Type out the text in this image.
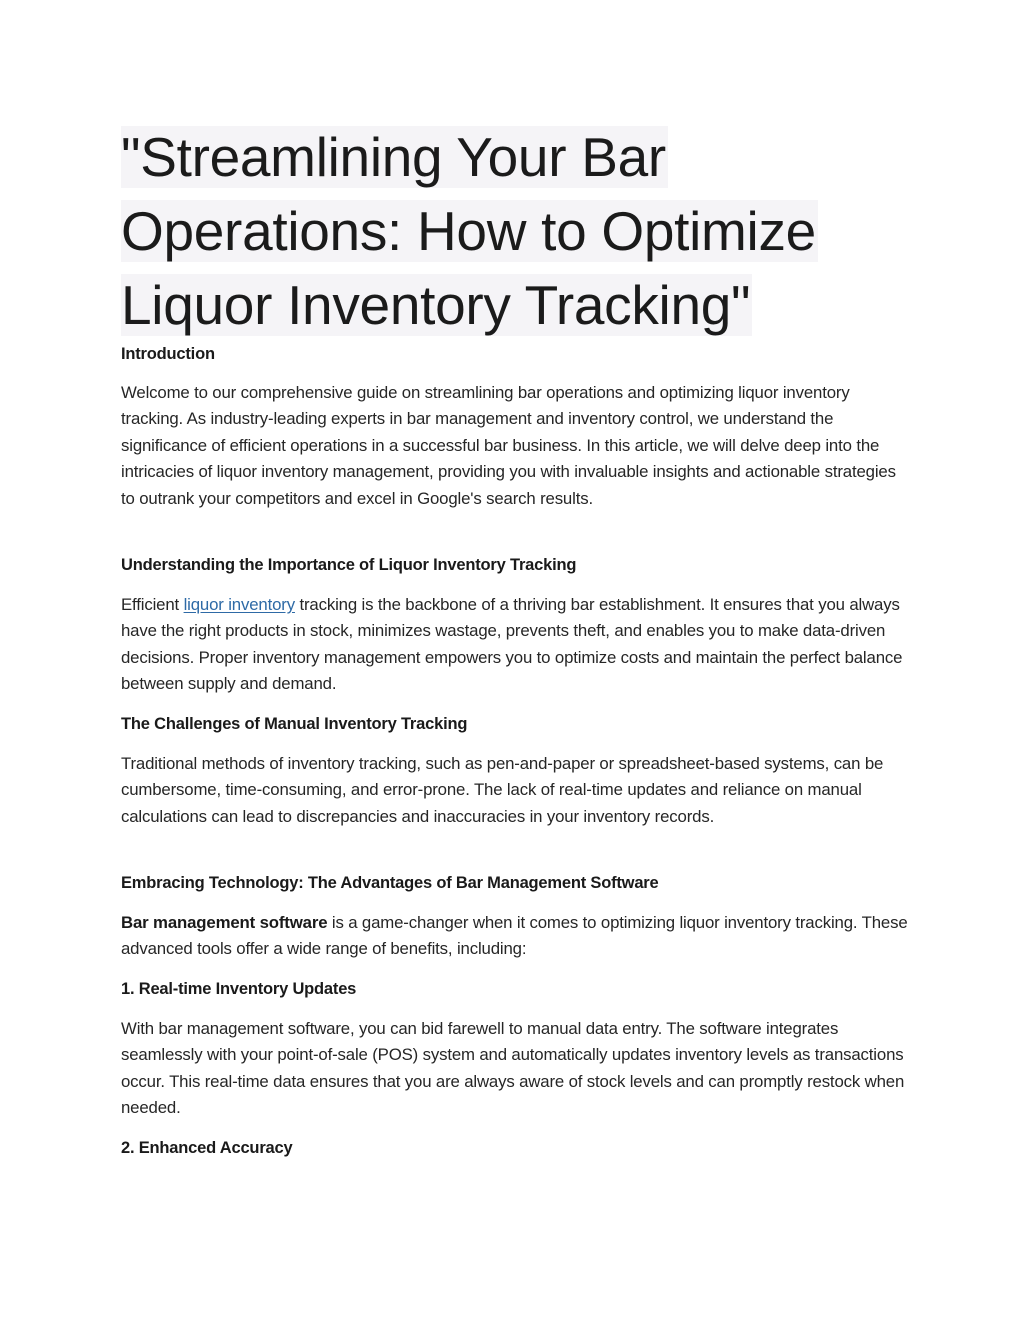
"Streamlining Your Bar
Operations: How to Optimize
Liquor Inventory Tracking"
Introduction

Welcome to our comprehensive guide on streamlining bar operations and optimizing liquor inventory tracking. As industry-leading experts in bar management and inventory control, we understand the significance of efficient operations in a successful bar business. In this article, we will delve deep into the intricacies of liquor inventory management, providing you with invaluable insights and actionable strategies to outrank your competitors and excel in Google's search results.

Understanding the Importance of Liquor Inventory Tracking

Efficient liquor inventory tracking is the backbone of a thriving bar establishment. It ensures that you always have the right products in stock, minimizes wastage, prevents theft, and enables you to make data-driven decisions. Proper inventory management empowers you to optimize costs and maintain the perfect balance between supply and demand.

The Challenges of Manual Inventory Tracking

Traditional methods of inventory tracking, such as pen-and-paper or spreadsheet-based systems, can be cumbersome, time-consuming, and error-prone. The lack of real-time updates and reliance on manual calculations can lead to discrepancies and inaccuracies in your inventory records.

Embracing Technology: The Advantages of Bar Management Software

Bar management software is a game-changer when it comes to optimizing liquor inventory tracking. These advanced tools offer a wide range of benefits, including:

1. Real-time Inventory Updates

With bar management software, you can bid farewell to manual data entry. The software integrates seamlessly with your point-of-sale (POS) system and automatically updates inventory levels as transactions occur. This real-time data ensures that you are always aware of stock levels and can promptly restock when needed.

2. Enhanced Accuracy
